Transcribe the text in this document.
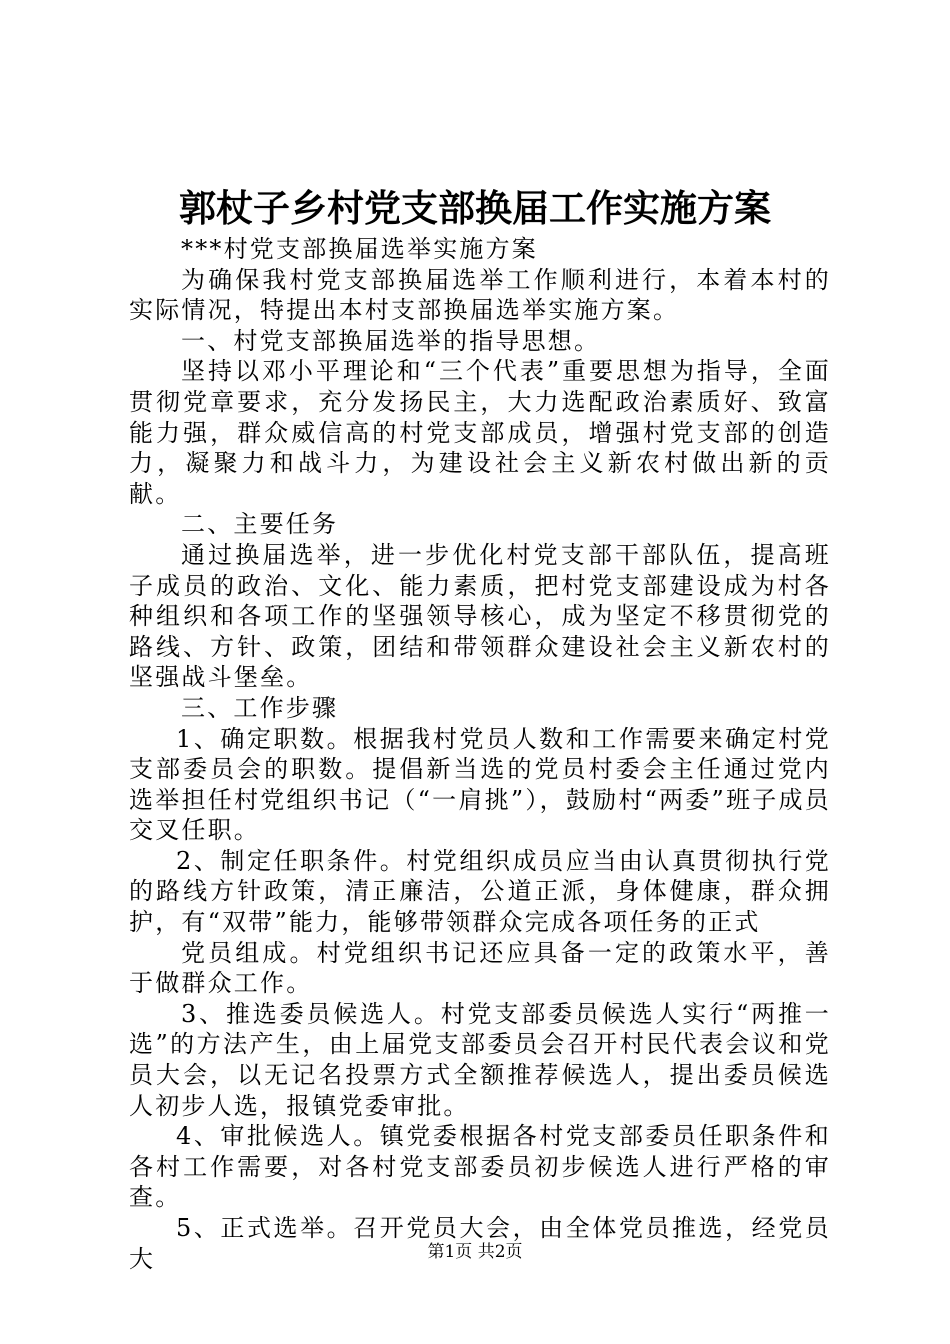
郭杖子乡村党支部换届工作实施方案

***村党支部换届选举实施方案

为确保我村党支部换届选举工作顺利进行，本着本村的实际情况，特提出本村支部换届选举实施方案。

一、村党支部换届选举的指导思想。

坚持以邓小平理论和“三个代表”重要思想为指导，全面贯彻党章要求，充分发扬民主，大力选配政治素质好、致富能力强，群众威信高的村党支部成员，增强村党支部的创造力，凝聚力和战斗力，为建设社会主义新农村做出新的贡献。

二、主要任务

通过换届选举，进一步优化村党支部干部队伍，提高班子成员的政治、文化、能力素质，把村党支部建设成为村各种组织和各项工作的坚强领导核心，成为坚定不移贯彻党的路线、方针、政策，团结和带领群众建设社会主义新农村的坚强战斗堡垒。

三、工作步骤

1、确定职数。根据我村党员人数和工作需要来确定村党支部委员会的职数。提倡新当选的党员村委会主任通过党内选举担任村党组织书记（“一肩挑”），鼓励村“两委”班子成员交叉任职。

2、制定任职条件。村党组织成员应当由认真贯彻执行党的路线方针政策，清正廉洁，公道正派，身体健康，群众拥护，有“双带”能力，能够带领群众完成各项任务的正式

党员组成。村党组织书记还应具备一定的政策水平，善于做群众工作。

3、推选委员候选人。村党支部委员候选人实行“两推一选”的方法产生，由上届党支部委员会召开村民代表会议和党员大会，以无记名投票方式全额推荐候选人，提出委员候选人初步人选，报镇党委审批。

4、审批候选人。镇党委根据各村党支部委员任职条件和各村工作需要，对各村党支部委员初步候选人进行严格的审查。

5、正式选举。召开党员大会，由全体党员推选，经党员大	第1页 共2页
